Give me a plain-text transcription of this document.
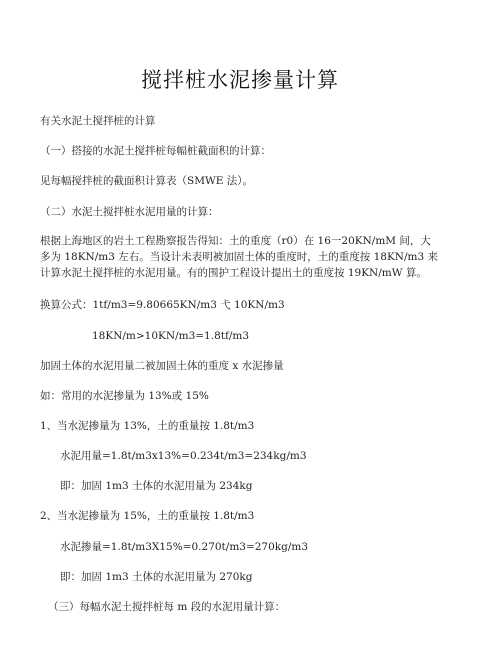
搅拌桩水泥掺量计算
有关水泥土搅拌桩的计算
（一）搭接的水泥土搅拌桩每幅桩截面积的计算：
见每幅搅拌桩的截面积计算表（SMWE 法）。
（二）水泥土搅拌桩水泥用量的计算：
根据上海地区的岩土工程勘察报告得知：土的重度（r0）在 16一20KN/mM 间，大多为 18KN/m3 左右。当设计未表明被加固土体的重度时，土的重度按 18KN/m3 来计算水泥土搅拌桩的水泥用量。有的围护工程设计提出土的重度按 19KN/mW 算。
换算公式：1tf/m3=9.80665KN/m3 弋 10KN/m3
18KN/m>10KN/m3=1.8tf/m3
加固土体的水泥用量二被加固土体的重度 x 水泥掺量
如：常用的水泥掺量为 13%或 15%
1、当水泥掺量为 13%，土的重量按 1.8t/m3
水泥用量=1.8t/m3x13%=0.234t/m3=234kg/m3
即：加固 1m3 土体的水泥用量为 234kg
2、当水泥掺量为 15%，土的重量按 1.8t/m3
水泥掺量=1.8t/m3X15%=0.270t/m3=270kg/m3
即：加固 1m3 土体的水泥用量为 270kg
（三）每幅水泥土搅拌桩每 m 段的水泥用量计算：
